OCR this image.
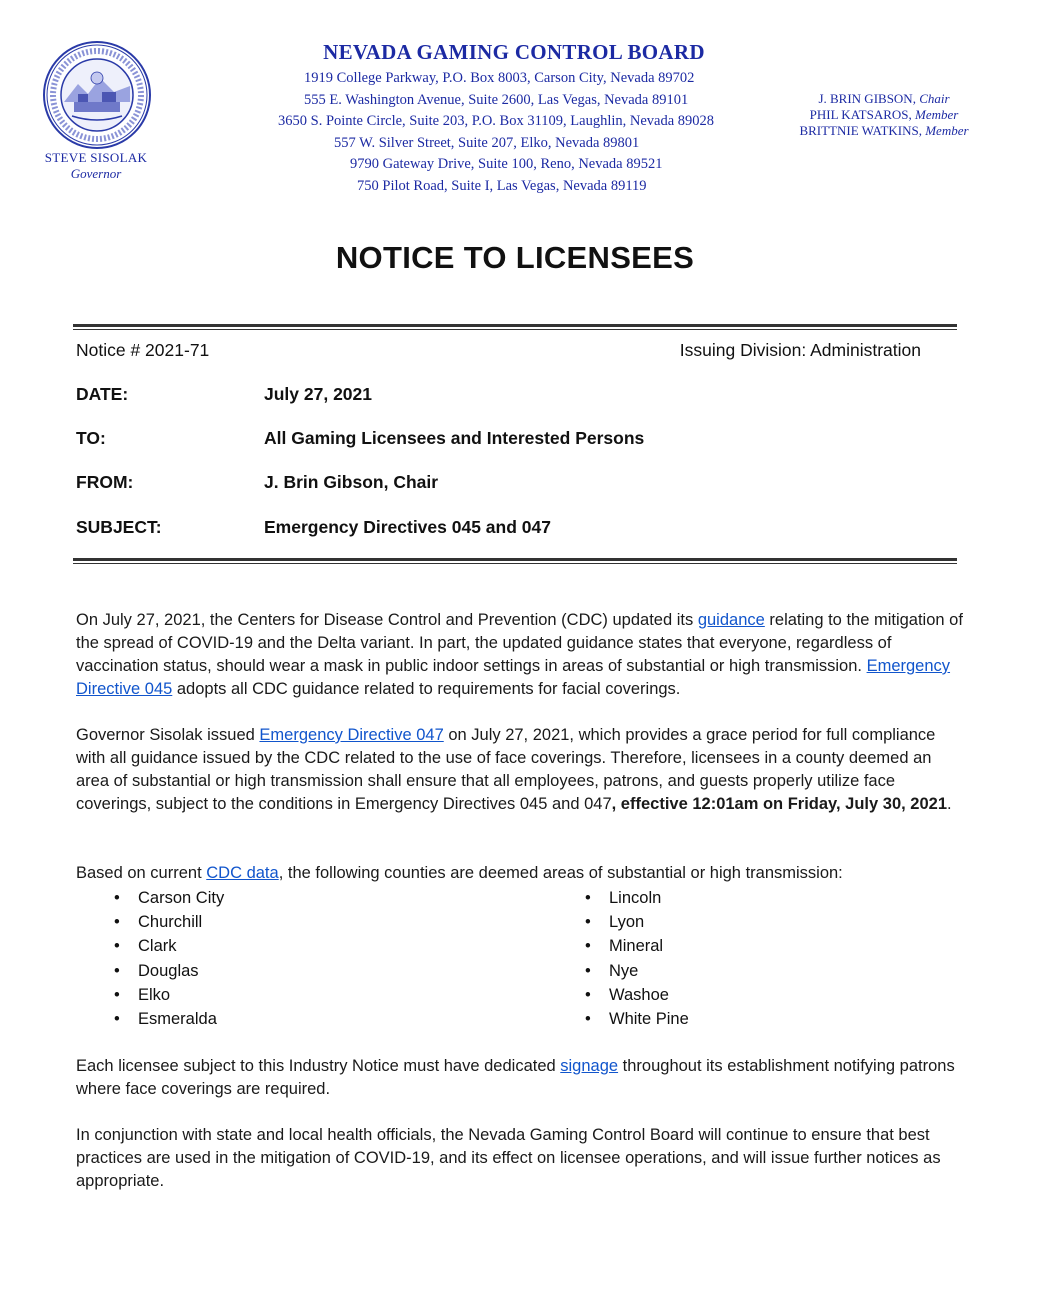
STEVE SISOLAK
Governor
NEVADA GAMING CONTROL BOARD
1919 College Parkway, P.O. Box 8003, Carson City, Nevada 89702
555 E. Washington Avenue, Suite 2600, Las Vegas, Nevada 89101
3650 S. Pointe Circle, Suite 203, P.O. Box 31109, Laughlin, Nevada 89028
557 W. Silver Street, Suite 207, Elko, Nevada 89801
9790 Gateway Drive, Suite 100, Reno, Nevada 89521
750 Pilot Road, Suite I, Las Vegas, Nevada 89119
J. BRIN GIBSON, Chair
PHIL KATSAROS, Member
BRITTNIE WATKINS, Member
NOTICE TO LICENSEES
Notice # 2021-71	Issuing Division: Administration
DATE:	July 27, 2021
TO:	All Gaming Licensees and Interested Persons
FROM:	J. Brin Gibson, Chair
SUBJECT:	Emergency Directives 045 and 047
On July 27, 2021, the Centers for Disease Control and Prevention (CDC) updated its guidance relating to the mitigation of the spread of COVID-19 and the Delta variant. In part, the updated guidance states that everyone, regardless of vaccination status, should wear a mask in public indoor settings in areas of substantial or high transmission. Emergency Directive 045 adopts all CDC guidance related to requirements for facial coverings.
Governor Sisolak issued Emergency Directive 047 on July 27, 2021, which provides a grace period for full compliance with all guidance issued by the CDC related to the use of face coverings. Therefore, licensees in a county deemed an area of substantial or high transmission shall ensure that all employees, patrons, and guests properly utilize face coverings, subject to the conditions in Emergency Directives 045 and 047, effective 12:01am on Friday, July 30, 2021.
Based on current CDC data, the following counties are deemed areas of substantial or high transmission:
• Carson City
• Churchill
• Clark
• Douglas
• Elko
• Esmeralda
• Lincoln
• Lyon
• Mineral
• Nye
• Washoe
• White Pine
Each licensee subject to this Industry Notice must have dedicated signage throughout its establishment notifying patrons where face coverings are required.
In conjunction with state and local health officials, the Nevada Gaming Control Board will continue to ensure that best practices are used in the mitigation of COVID-19, and its effect on licensee operations, and will issue further notices as appropriate.
